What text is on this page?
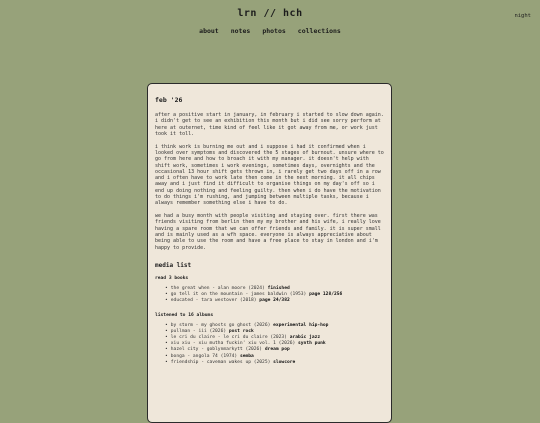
lrn // hch	night
about notes photos collections
feb '26

after a positive start in january, in february i started to slow down again. i didn't get to see an exhibition this month but i did see sorry perform at here at outernet, time kind of feel like it got away from me, or work just took it toll.

i think work is burning me out and i suppose i had it confirmed when i looked over symptoms and discovered the 5 stages of burnout. unsure where to go from here and how to broach it with my manager. it doesn't help with shift work, sometimes i work evenings, sometimes days, overnights and the occasional 13 hour shift gets thrown in, i rarely get two days off in a row and i often have to work late then come in the next morning. it all chips away and i just find it difficult to organise things on my day's off so i end up doing nothing and feeling guilty. then when i do have the motivation to do things i'm rushing, and jumping between multiple tasks, because i always remember something else i have to do.

we had a busy month with people visiting and staying over. first there was friends visiting from berlin then my my brother and his wife, i really love having a spare room that we can offer friends and family. it is super small and is mainly used as a wfh space. everyone is always appreciative about being able to use the room and have a free place to stay in london and i'm happy to provide.

media list
read 3 books
• the great when - alan moore (2024) finished
• go tell it on the mountain - james baldwin (1953) page 128/256
• educated - tara westover (2018) page 24/382
listened to 16 albums
• by storm - my ghosts go ghost (2026) experimental hip-hop
• pullman - iii (2026) post rock
• le cri du claire - le cri du claire (2023) arabic jazz
• xiu xiu - xiu mutha fuckin' xiu vol. 1 (2026) synth punk
• hazel city - goblynmarkytt (2026) dream pop
• bonga - angola 74 (1974) semba
• friendship - caveman wakes up (2025) slowcore
